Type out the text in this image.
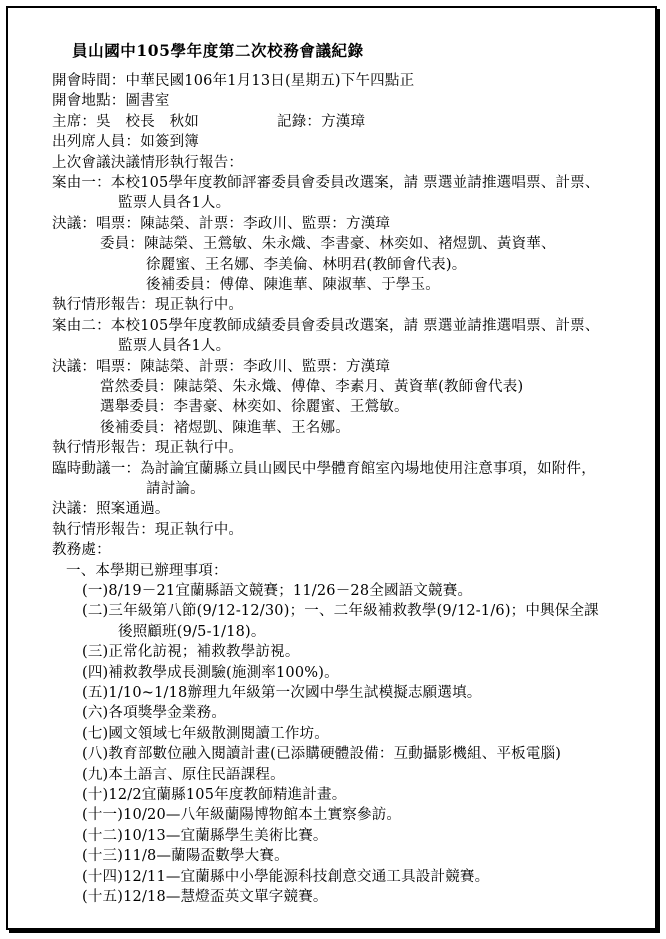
員山國中105學年度第二次校務會議紀錄
開會時間：中華民國106年1月13日(星期五)下午四點正
開會地點：圖書室
主席：吳　校長　秋如	記錄：方漢璋
出列席人員：如簽到簿
上次會議決議情形執行報告：
案由一：本校105學年度教師評審委員會委員改選案，請 票選並請推選唱票、計票、
監票人員各1人。
決議：唱票：陳誌榮、計票：李政川、監票：方漢璋
委員：陳誌榮、王鶯敏、朱永熾、李書豪、林奕如、褚煜凱、黃資華、
徐麗蜜、王名娜、李美倫、林明君(教師會代表)。
後補委員：傅偉、陳進華、陳淑華、于學玉。
執行情形報告：現正執行中。
案由二：本校105學年度教師成績委員會委員改選案，請 票選並請推選唱票、計票、
監票人員各1人。
決議：唱票：陳誌榮、計票：李政川、監票：方漢璋
當然委員：陳誌榮、朱永熾、傅偉、李素月、黃資華(教師會代表)
選舉委員：李書豪、林奕如、徐麗蜜、王鶯敏。
後補委員：褚煜凱、陳進華、王名娜。
執行情形報告：現正執行中。
臨時動議一：為討論宜蘭縣立員山國民中學體育館室內場地使用注意事項，如附件，
請討論。
決議：照案通過。
執行情形報告：現正執行中。
教務處：
一、本學期已辦理事項：
(一)8/19－21宜蘭縣語文競賽；11/26－28全國語文競賽。
(二)三年級第八節(9/12-12/30)；一、二年級補救教學(9/12-1/6)；中興保全課
後照顧班(9/5-1/18)。
(三)正常化訪視；補救教學訪視。
(四)補救教學成長測驗(施測率100%)。
(五)1/10~1/18辦理九年級第一次國中學生試模擬志願選填。
(六)各項獎學金業務。
(七)國文領域七年級散測閱讀工作坊。
(八)教育部數位融入閱讀計畫(已添購硬體設備：互動攝影機組、平板電腦)
(九)本土語言、原住民語課程。
(十)12/2宜蘭縣105年度教師精進計畫。
(十一)10/20—八年級蘭陽博物館本土實察參訪。
(十二)10/13—宜蘭縣學生美術比賽。
(十三)11/8—蘭陽盃數學大賽。
(十四)12/11—宜蘭縣中小學能源科技創意交通工具設計競賽。
(十五)12/18—慧燈盃英文單字競賽。
